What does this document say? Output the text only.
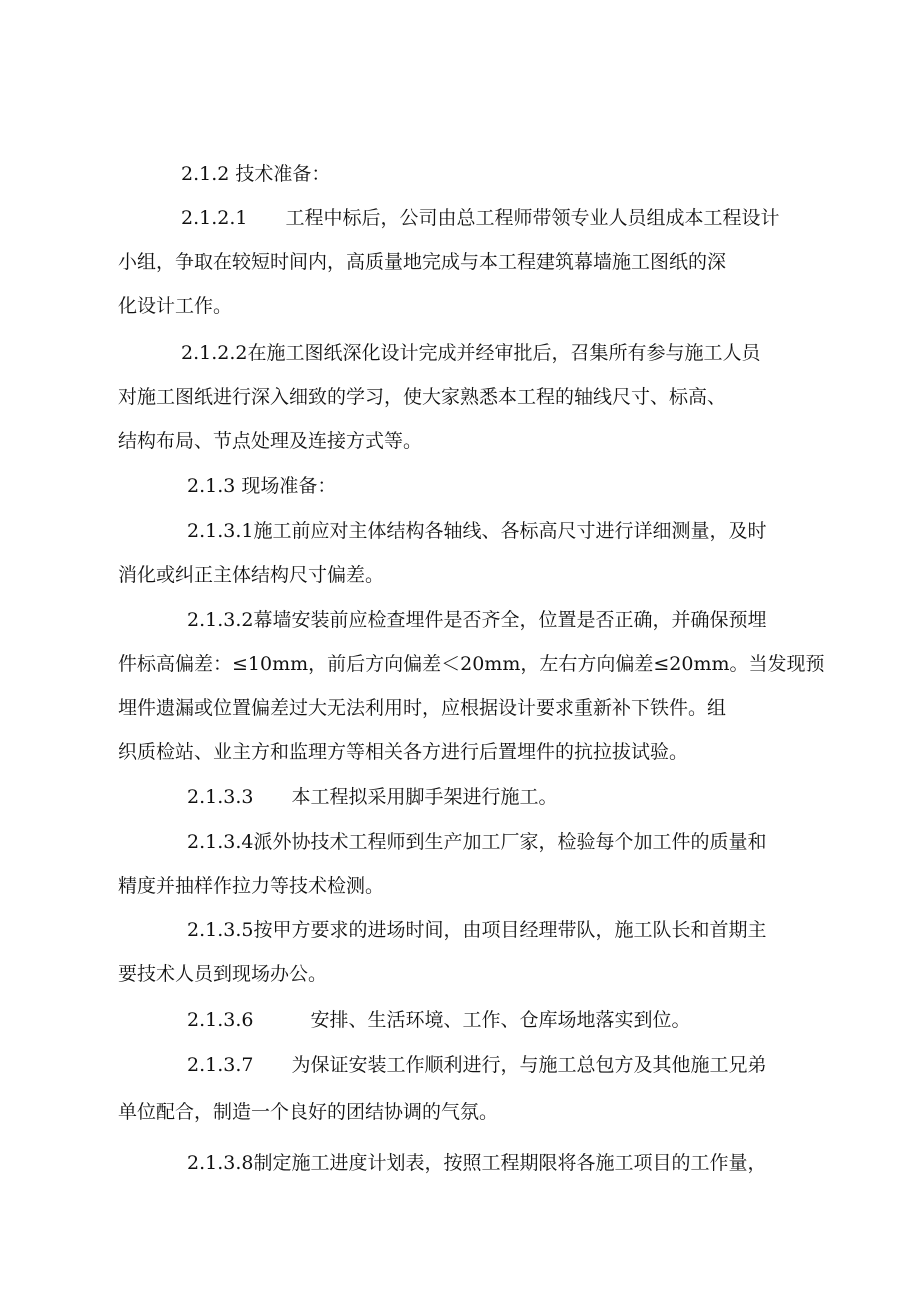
2.1.2 技术准备：
2.1.2.1　　工程中标后，公司由总工程师带领专业人员组成本工程设计
小组，争取在较短时间内，高质量地完成与本工程建筑幕墙施工图纸的深
化设计工作。
2.1.2.2在施工图纸深化设计完成并经审批后，召集所有参与施工人员
对施工图纸进行深入细致的学习，使大家熟悉本工程的轴线尺寸、标高、
结构布局、节点处理及连接方式等。
2.1.3 现场准备：
2.1.3.1施工前应对主体结构各轴线、各标高尺寸进行详细测量，及时
消化或纠正主体结构尺寸偏差。
2.1.3.2幕墙安装前应检查埋件是否齐全，位置是否正确，并确保预埋
件标高偏差：≤10mm，前后方向偏差＜20mm，左右方向偏差≤20mm。当发现预
埋件遗漏或位置偏差过大无法利用时，应根据设计要求重新补下铁件。组
织质检站、业主方和监理方等相关各方进行后置埋件的抗拉拔试验。
2.1.3.3　　本工程拟采用脚手架进行施工。
2.1.3.4派外协技术工程师到生产加工厂家，检验每个加工件的质量和
精度并抽样作拉力等技术检测。
2.1.3.5按甲方要求的进场时间，由项目经理带队，施工队长和首期主
要技术人员到现场办公。
2.1.3.6　　　安排、生活环境、工作、仓库场地落实到位。
2.1.3.7　　为保证安装工作顺利进行，与施工总包方及其他施工兄弟
单位配合，制造一个良好的团结协调的气氛。
2.1.3.8制定施工进度计划表，按照工程期限将各施工项目的工作量，
